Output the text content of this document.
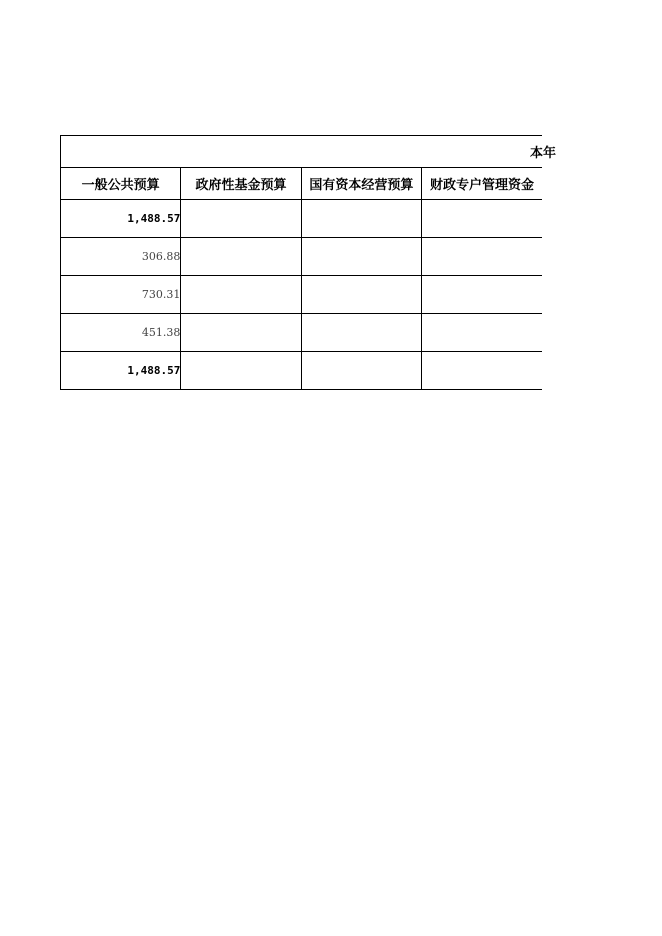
本年			
一般公共预算	政府性基金预算	国有资本经营预算	财政专户管理资金
1,488.57			
306.88			
730.31			
451.38			
1,488.57			
